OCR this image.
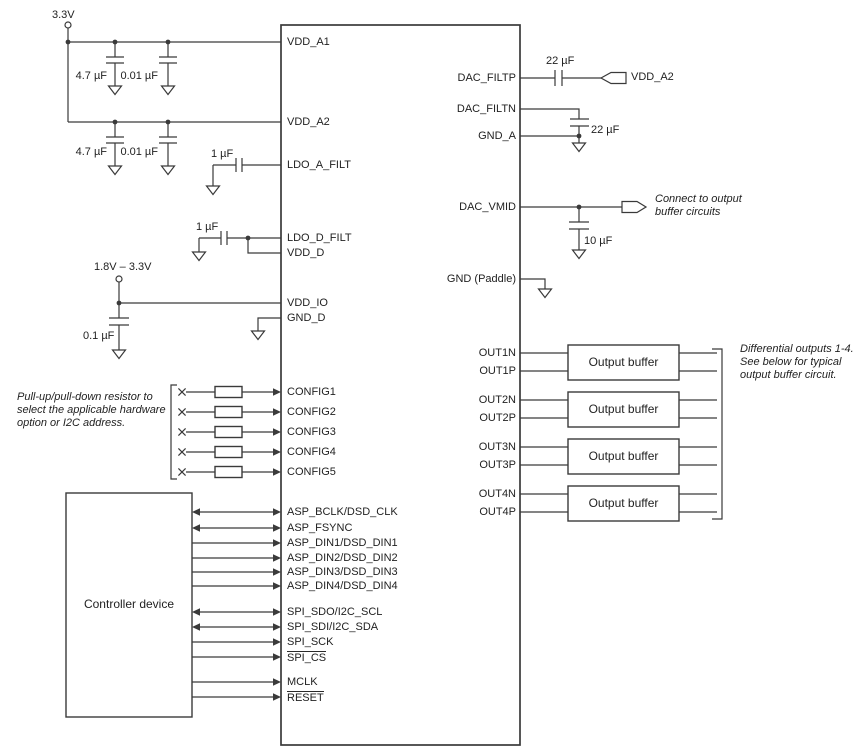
3.3V
4.7 µF 0.01 µF
4.7 µF 0.01 µF	1 µF
1 µF
1.8V – 3.3V
0.1 µF
VDD_A1
VDD_A2
LDO_A_FILT
LDO_D_FILT
VDD_D
VDD_IO
GND_D
CONFIG1
CONFIG2
CONFIG3
CONFIG4
CONFIG5
ASP_BCLK/DSD_CLK
ASP_FSYNC
ASP_DIN1/DSD_DIN1
ASP_DIN2/DSD_DIN2
ASP_DIN3/DSD_DIN3
ASP_DIN4/DSD_DIN4
SPI_SDO/I2C_SCL
SPI_SDI/I2C_SDA
SPI_SCK
SPI_CS
MCLK
RESET
DAC_FILTP
DAC_FILTN
GND_A
DAC_VMID
GND (Paddle)
OUT1N
OUT1P
OUT2N
OUT2P
OUT3N
OUT3P
OUT4N
OUT4P
22 µF
VDD_A2
22 µF
10 µF
Connect to output
buffer circuits
Pull-up/pull-down resistor to
select the applicable hardware
option or I2C address.
Differential outputs 1-4.
See below for typical
output buffer circuit.
Controller device
Output buffer
Output buffer
Output buffer
Output buffer
